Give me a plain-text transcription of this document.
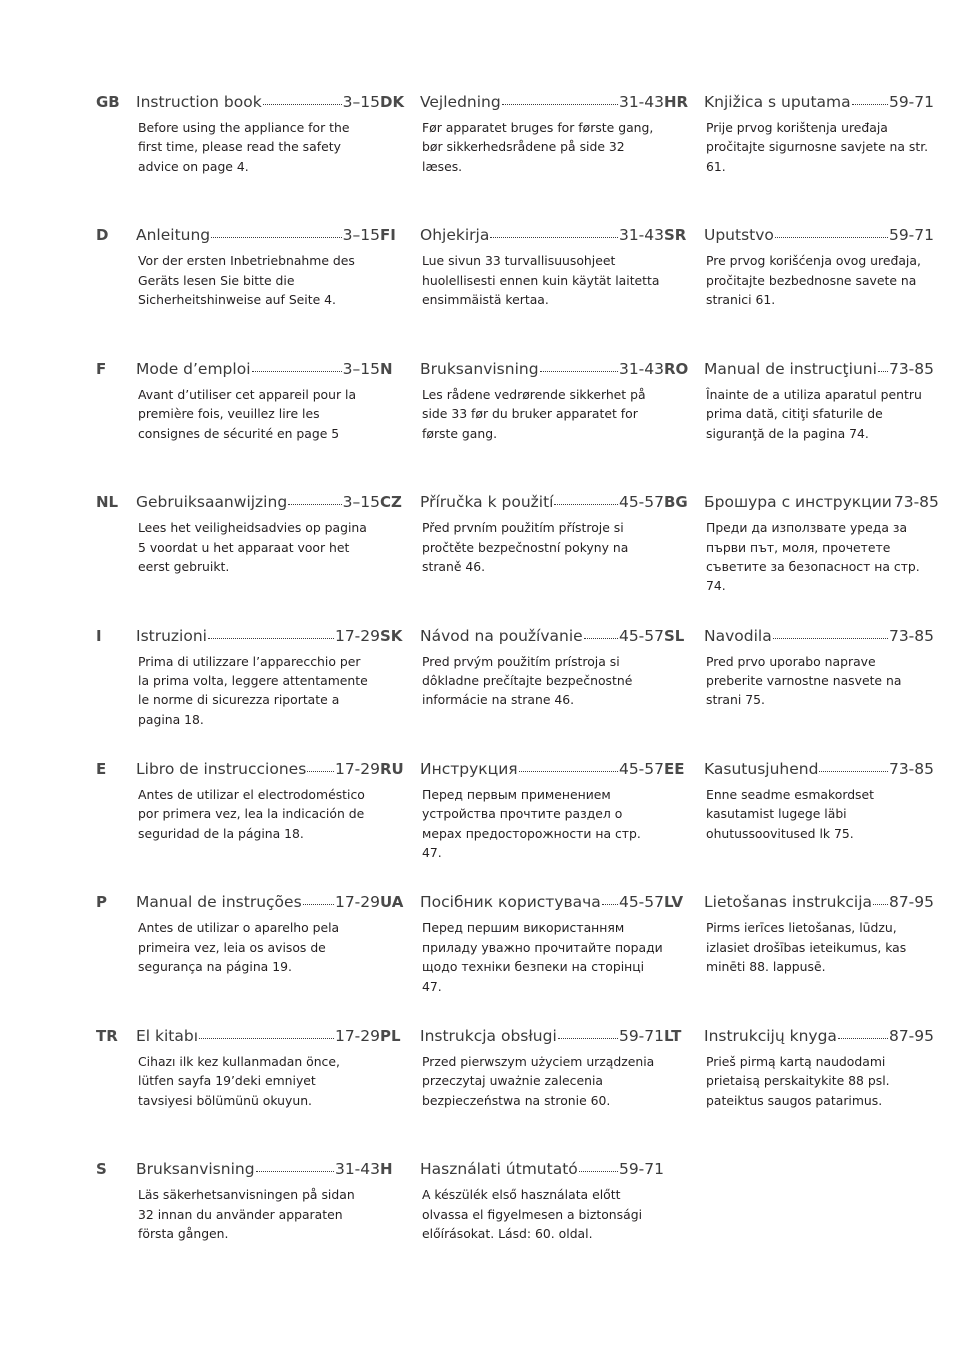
GB Instruction book	3–15
Before using the appliance for the first time, please read the safety advice on page 4.
DK Vejledning	31-43
Før apparatet bruges for første gang, bør sikkerhedsrådene på side 32 læses.
HR Knjižica s uputama 59-71
Prije prvog korištenja uređaja pročitajte sigurnosne savjete na str. 61.
D Anleitung	3–15
Vor der ersten Inbetriebnahme des Geräts lesen Sie bitte die Sicherheitshinweise auf Seite 4.
FI Ohjekirja	31-43
Lue sivun 33 turvallisuusohjeet huolellisesti ennen kuin käytät laitetta ensimmäistä kertaa.
SR Uputstvo	59-71
Pre prvog korišćenja ovog uređaja, pročitajte bezbednosne savete na stranici 61.
F Mode d’emploi	3–15
Avant d’utiliser cet appareil pour la première fois, veuillez lire les consignes de sécurité en page 5
N Bruksanvisning	31-43
Les rådene vedrørende sikkerhet på side 33 før du bruker apparatet for første gang.
RO Manual de instrucţiuni 73-85
Înainte de a utiliza aparatul pentru prima dată, citiţi sfaturile de siguranţă de la pagina 74.
NL Gebruiksaanwijzing	3–15
Lees het veiligheidsadvies op pagina 5 voordat u het apparaat voor het eerst gebruikt.
CZ Příručka k použití	45-57
Před prvním použitím přístroje si pročtěte bezpečnostní pokyny na straně 46.
BG Брошура с инструкции 73-85
Преди да използвате уреда за първи път, моля, прочетете съветите за безопасност на стр. 74.
I Istruzioni	17-29
Prima di utilizzare l’apparecchio per la prima volta, leggere attentamente le norme di sicurezza riportate a pagina 18.
SK Návod na používanie 45-57
Pred prvým použitím prístroja si dôkladne prečítajte bezpečnostné informácie na strane 46.
SL Navodila	73-85
Pred prvo uporabo naprave preberite varnostne nasvete na strani 75.
E Libro de instrucciones 17-29
Antes de utilizar el electrodoméstico por primera vez, lea la indicación de seguridad de la página 18.
RU Инструкция	45-57
Перед первым применением устройства прочтите раздел о мерах предосторожности на стр. 47.
EE Kasutusjuhend	73-85
Enne seadme esmakordset kasutamist lugege läbi ohutussoovitused lk 75.
P Manual de instruções 17-29
Antes de utilizar o aparelho pela primeira vez, leia os avisos de segurança na página 19.
UA Посібник користувача 45-57
Перед першим використанням приладу уважно прочитайте поради щодо техніки безпеки на сторінці 47.
LV Lietošanas instrukcija 87-95
Pirms ierīces lietošanas, lūdzu, izlasiet drošības ieteikumus, kas minēti 88. lappusē.
TR El kitabı	17-29
Cihazı ilk kez kullanmadan önce, lütfen sayfa 19’deki emniyet tavsiyesi bölümünü okuyun.
PL Instrukcja obsługi	59-71
Przed pierwszym użyciem urządzenia przeczytaj uważnie zalecenia bezpieczeństwa na stronie 60.
LT Instrukcijų knyga	87-95
Prieš pirmą kartą naudodami prietaisą perskaitykite 88 psl. pateiktus saugos patarimus.
S Bruksanvisning	31-43
Läs säkerhetsanvisningen på sidan 32 innan du använder apparaten första gången.
H Használati útmutató	59-71
A készülék első használata előtt olvassa el figyelmesen a biztonsági előírásokat. Lásd: 60. oldal.
